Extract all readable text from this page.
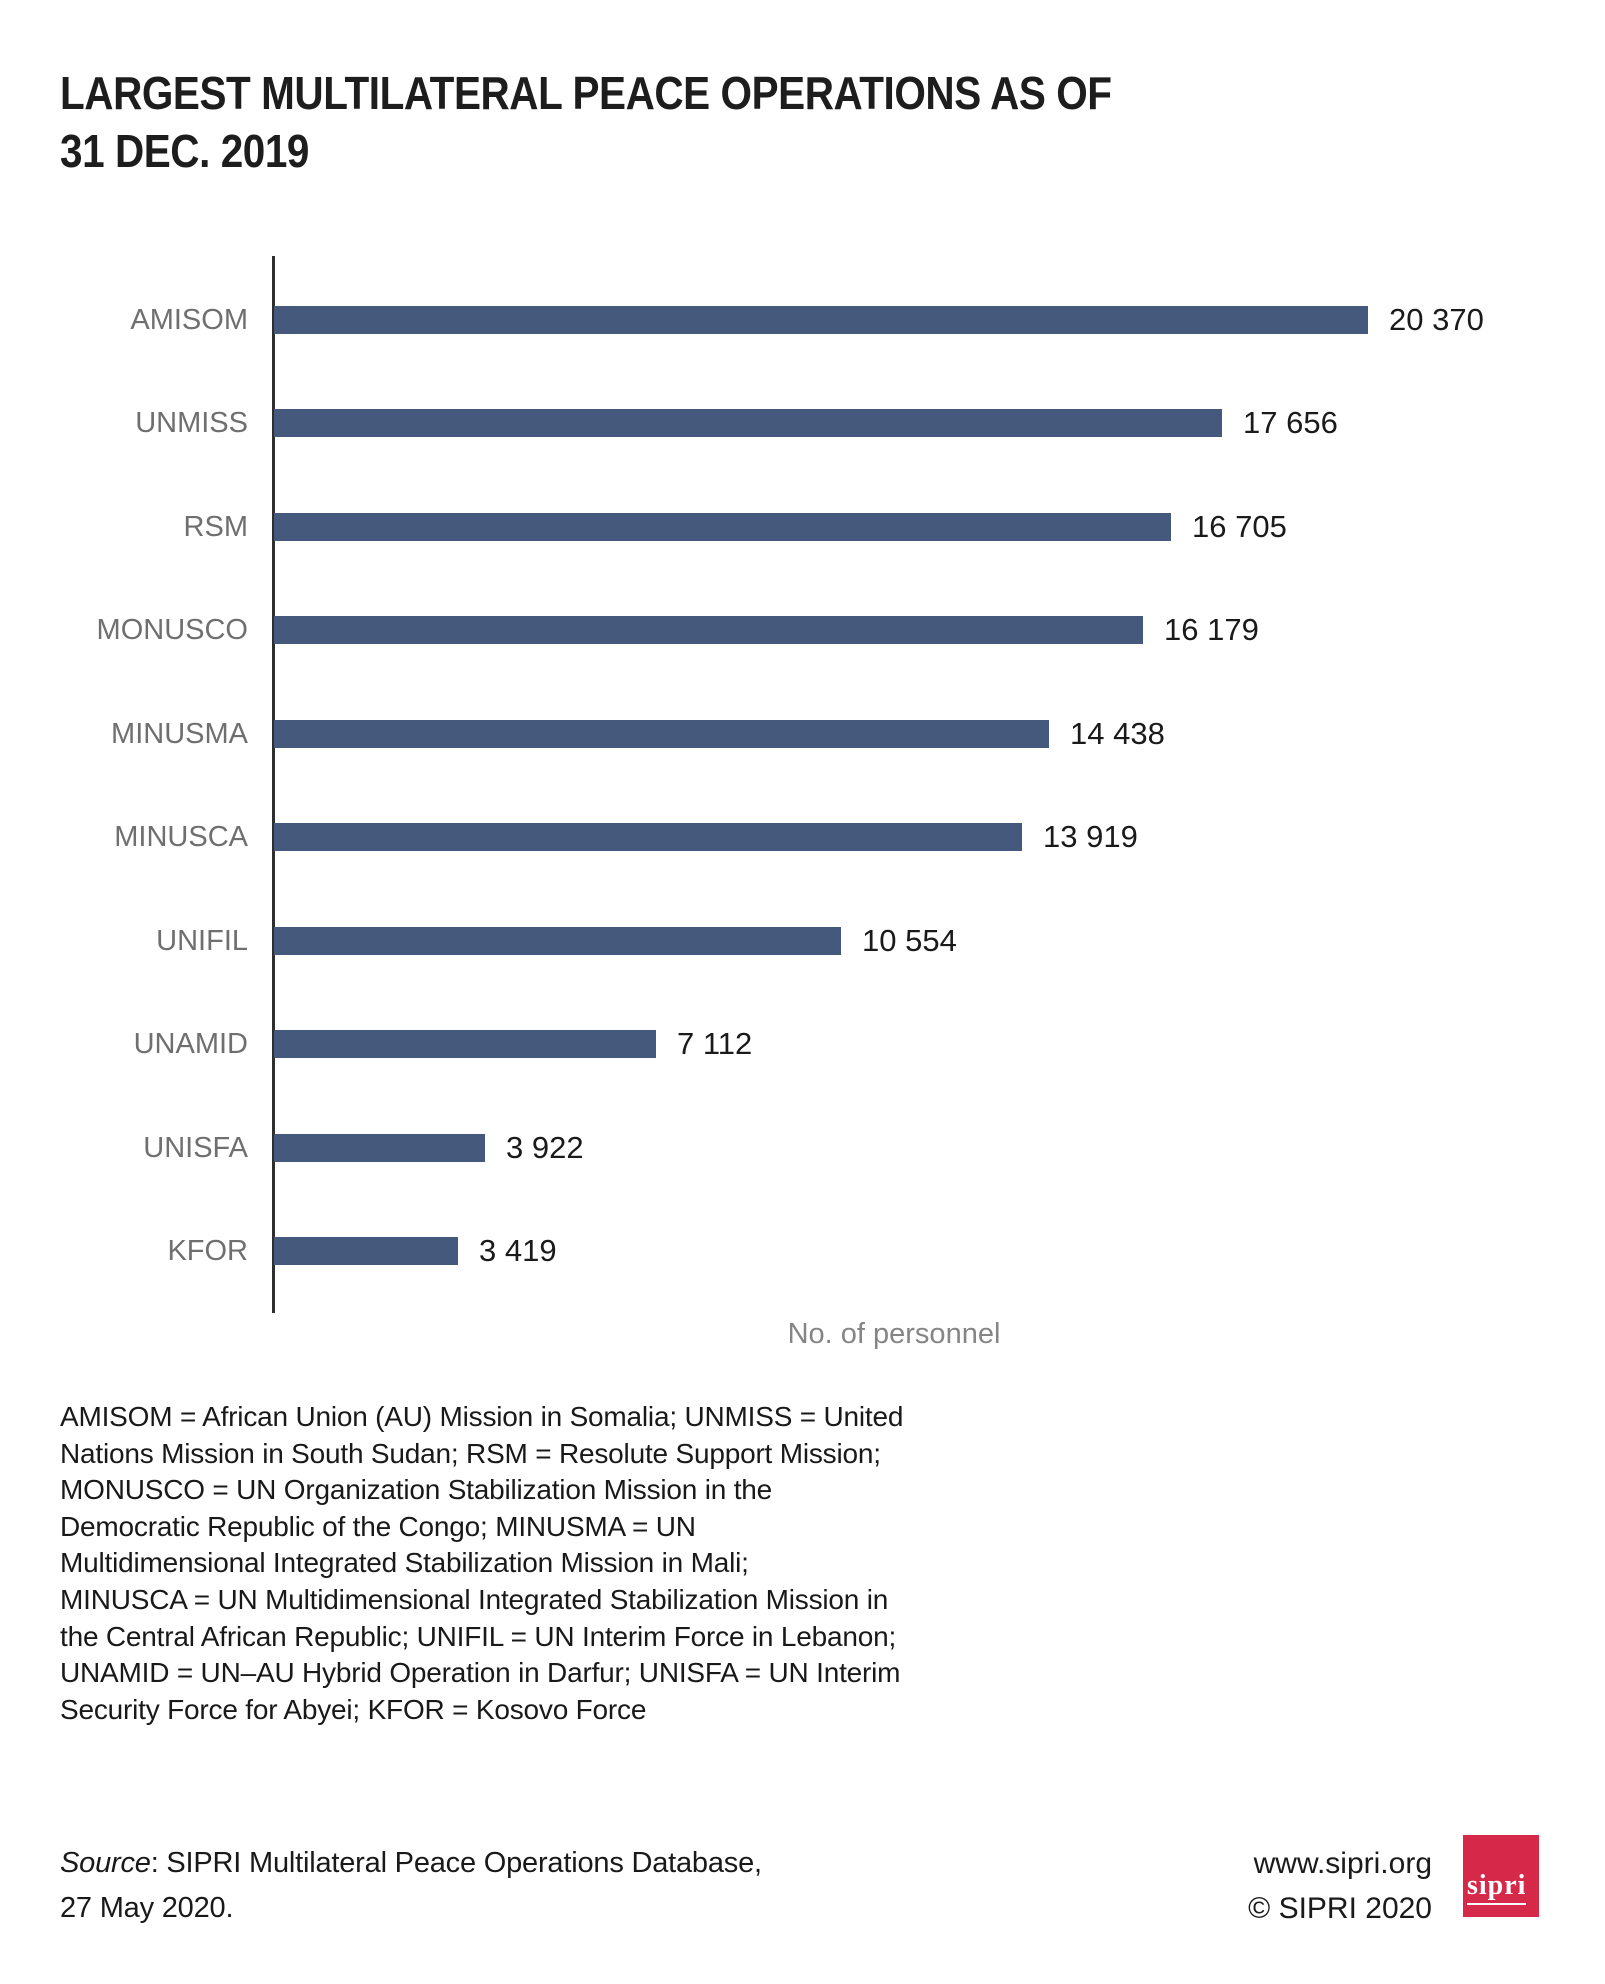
LARGEST MULTILATERAL PEACE OPERATIONS AS OF
31 DEC. 2019
AMISOM	20 370
UNMISS	17 656
RSM	16 705
MONUSCO	16 179
MINUSMA	14 438
MINUSCA	13 919
UNIFIL	10 554
UNAMID	7 112
UNISFA	3 922
KFOR	3 419
No. of personnel
AMISOM = African Union (AU) Mission in Somalia; UNMISS = United
Nations Mission in South Sudan; RSM = Resolute Support Mission;
MONUSCO = UN Organization Stabilization Mission in the
Democratic Republic of the Congo; MINUSMA = UN
Multidimensional Integrated Stabilization Mission in Mali;
MINUSCA = UN Multidimensional Integrated Stabilization Mission in
the Central African Republic; UNIFIL = UN Interim Force in Lebanon;
UNAMID = UN–AU Hybrid Operation in Darfur; UNISFA = UN Interim
Security Force for Abyei; KFOR = Kosovo Force
Source: SIPRI Multilateral Peace Operations Database,
27 May 2020.
www.sipri.org
© SIPRI 2020
sipri
